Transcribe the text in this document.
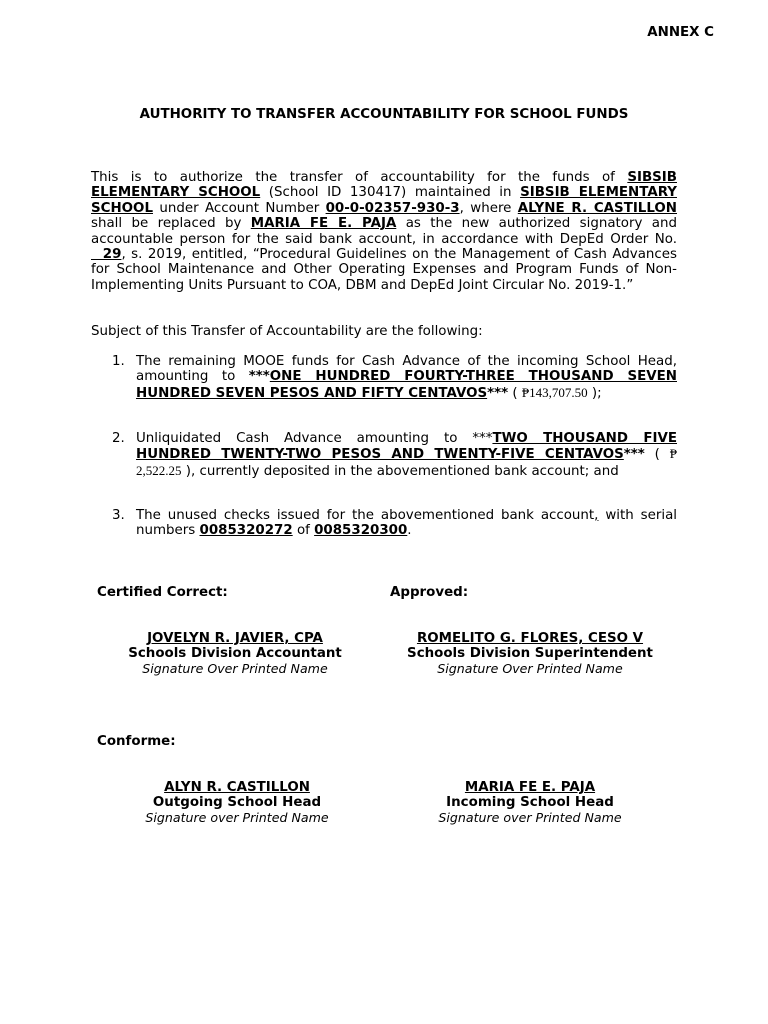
ANNEX C
AUTHORITY TO TRANSFER ACCOUNTABILITY FOR SCHOOL FUNDS
This is to authorize the transfer of accountability for the funds of SIBSIB ELEMENTARY SCHOOL (School ID 130417) maintained in SIBSIB ELEMENTARY SCHOOL under Account Number 00-0-02357-930-3, where ALYNE R. CASTILLON shall be replaced by MARIA FE E. PAJA as the new authorized signatory and accountable person for the said bank account, in accordance with DepEd Order No.  29, s. 2019, entitled, “Procedural Guidelines on the Management of Cash Advances for School Maintenance and Other Operating Expenses and Program Funds of Non-Implementing Units Pursuant to COA, DBM and DepEd Joint Circular No. 2019-1.”
Subject of this Transfer of Accountability are the following:
1. The remaining MOOE funds for Cash Advance of the incoming School Head, amounting to ***ONE HUNDRED FOURTY-THREE THOUSAND SEVEN HUNDRED SEVEN PESOS AND FIFTY CENTAVOS*** ( ₱143,707.50 );
2. Unliquidated Cash Advance amounting to ***TWO THOUSAND FIVE HUNDRED TWENTY-TWO PESOS AND TWENTY-FIVE CENTAVOS*** ( ₱ 2,522.25 ), currently deposited in the abovementioned bank account; and
3. The unused checks issued for the abovementioned bank account, with serial numbers 0085320272 of 0085320300.
Certified Correct:	Approved:
JOVELYN R. JAVIER, CPA
Schools Division Accountant
Signature Over Printed Name
ROMELITO G. FLORES, CESO V
Schools Division Superintendent
Signature Over Printed Name
Conforme:
ALYN R. CASTILLON
Outgoing School Head
Signature over Printed Name
MARIA FE E. PAJA
Incoming School Head
Signature over Printed Name
